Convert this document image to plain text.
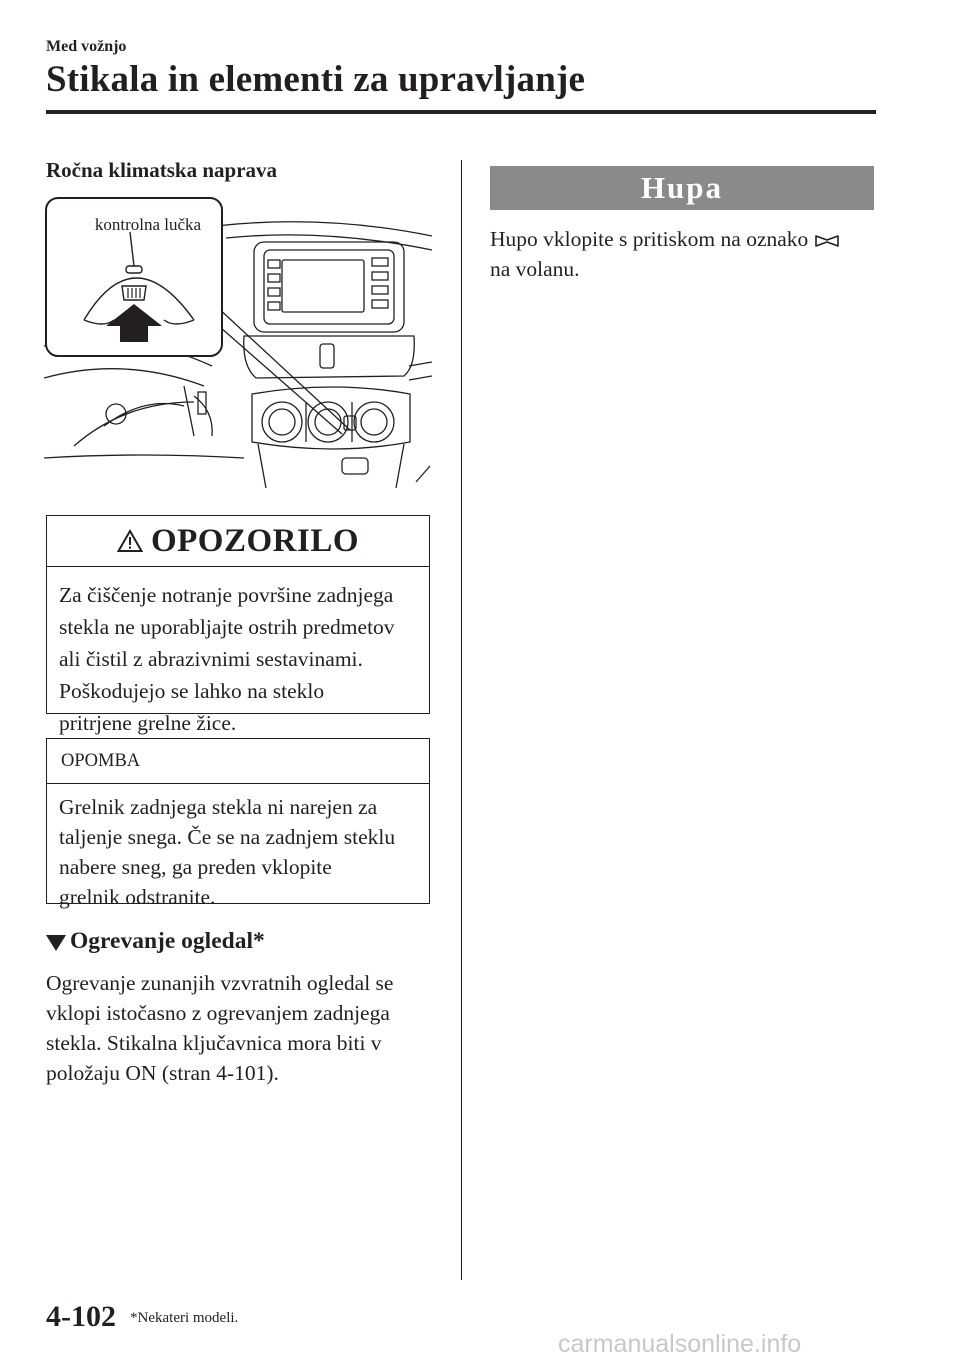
Med vožnjo
Stikala in elementi za upravljanje
Ročna klimatska naprava
kontrolna lučka
OPOZORILO
Za čiščenje notranje površine zadnjega
stekla ne uporabljajte ostrih predmetov
ali čistil z abrazivnimi sestavinami.
Poškodujejo se lahko na steklo
pritrjene grelne žice.
OPOMBA
Grelnik zadnjega stekla ni narejen za
taljenje snega. Če se na zadnjem steklu
nabere sneg, ga preden vklopite
grelnik odstranite.
Ogrevanje ogledal*
Ogrevanje zunanjih vzvratnih ogledal se
vklopi istočasno z ogrevanjem zadnjega
stekla. Stikalna ključavnica mora biti v
položaju ON (stran 4-101).
Hupa
Hupo vklopite s pritiskom na oznako
na volanu.
4-102 *Nekateri modeli.
carmanualsonline.info
